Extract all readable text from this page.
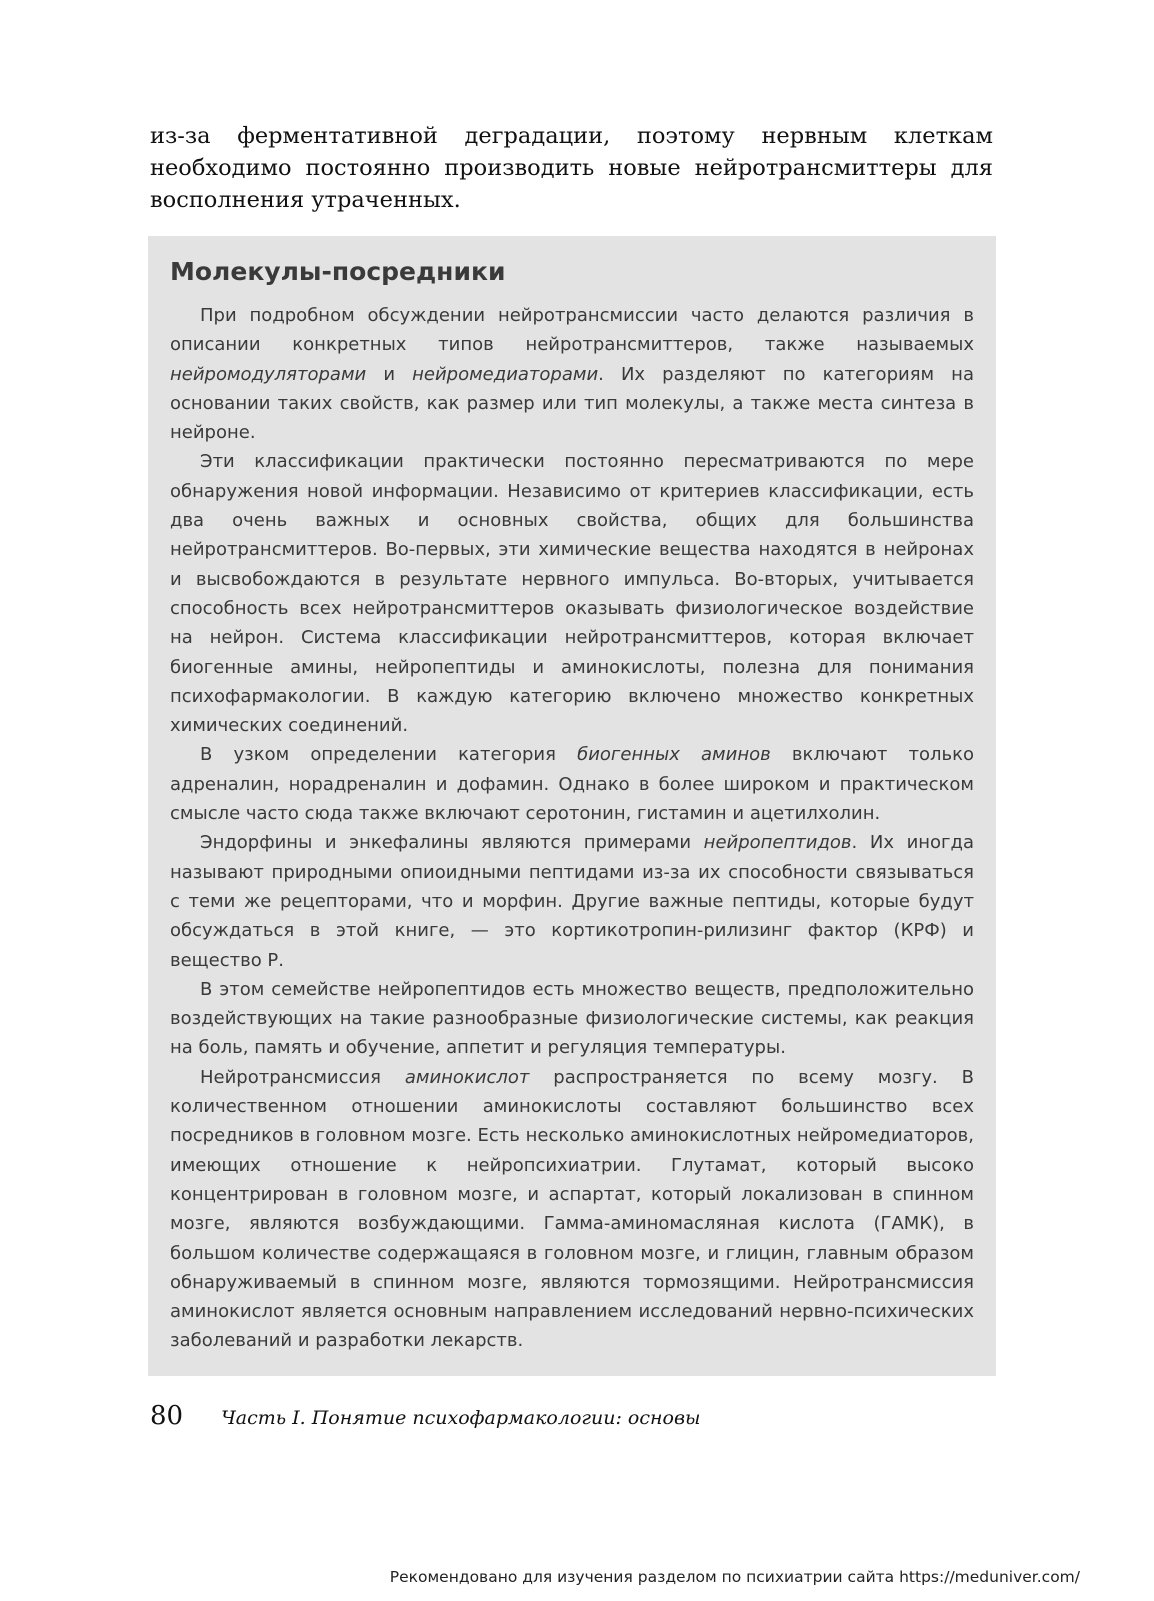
из-за ферментативной деградации, поэтому нервным клеткам необходимо постоянно производить новые нейротрансмиттеры для восполнения утраченных.

Молекулы-посредники

При подробном обсуждении нейротрансмиссии часто делаются различия в описании конкретных типов нейротрансмиттеров, также называемых нейромодуляторами и нейромедиаторами. Их разделяют по категориям на основании таких свойств, как размер или тип молекулы, а также места синтеза в нейроне.

Эти классификации практически постоянно пересматриваются по мере обнаружения новой информации. Независимо от критериев классификации, есть два очень важных и основных свойства, общих для большинства нейротрансмиттеров. Во-первых, эти химические вещества находятся в нейронах и высвобождаются в результате нервного импульса. Во-вторых, учитывается способность всех нейротрансмиттеров оказывать физиологическое воздействие на нейрон. Система классификации нейротрансмиттеров, которая включает биогенные амины, нейропептиды и аминокислоты, полезна для понимания психофармакологии. В каждую категорию включено множество конкретных химических соединений.

В узком определении категория биогенных аминов включают только адреналин, норадреналин и дофамин. Однако в более широком и практическом смысле часто сюда также включают серотонин, гистамин и ацетилхолин.

Эндорфины и энкефалины являются примерами нейропептидов. Их иногда называют природными опиоидными пептидами из-за их способности связываться с теми же рецепторами, что и морфин. Другие важные пептиды, которые будут обсуждаться в этой книге, — это кортикотропин-рилизинг фактор (КРФ) и вещество Р.

В этом семействе нейропептидов есть множество веществ, предположительно воздействующих на такие разнообразные физиологические системы, как реакция на боль, память и обучение, аппетит и регуляция температуры.

Нейротрансмиссия аминокислот распространяется по всему мозгу. В количественном отношении аминокислоты составляют большинство всех посредников в головном мозге. Есть несколько аминокислотных нейромедиаторов, имеющих отношение к нейропсихиатрии. Глутамат, который высоко концентрирован в головном мозге, и аспартат, который локализован в спинном мозге, являются возбуждающими. Гамма-аминомасляная кислота (ГАМК), в большом количестве содержащаяся в головном мозге, и глицин, главным образом обнаруживаемый в спинном мозге, являются тормозящими. Нейротрансмиссия аминокислот является основным направлением исследований нервно-психических заболеваний и разработки лекарств.

80 Часть I. Понятие психофармакологии: основы
Рекомендовано для изучения разделом по психиатрии сайта https://meduniver.com/
